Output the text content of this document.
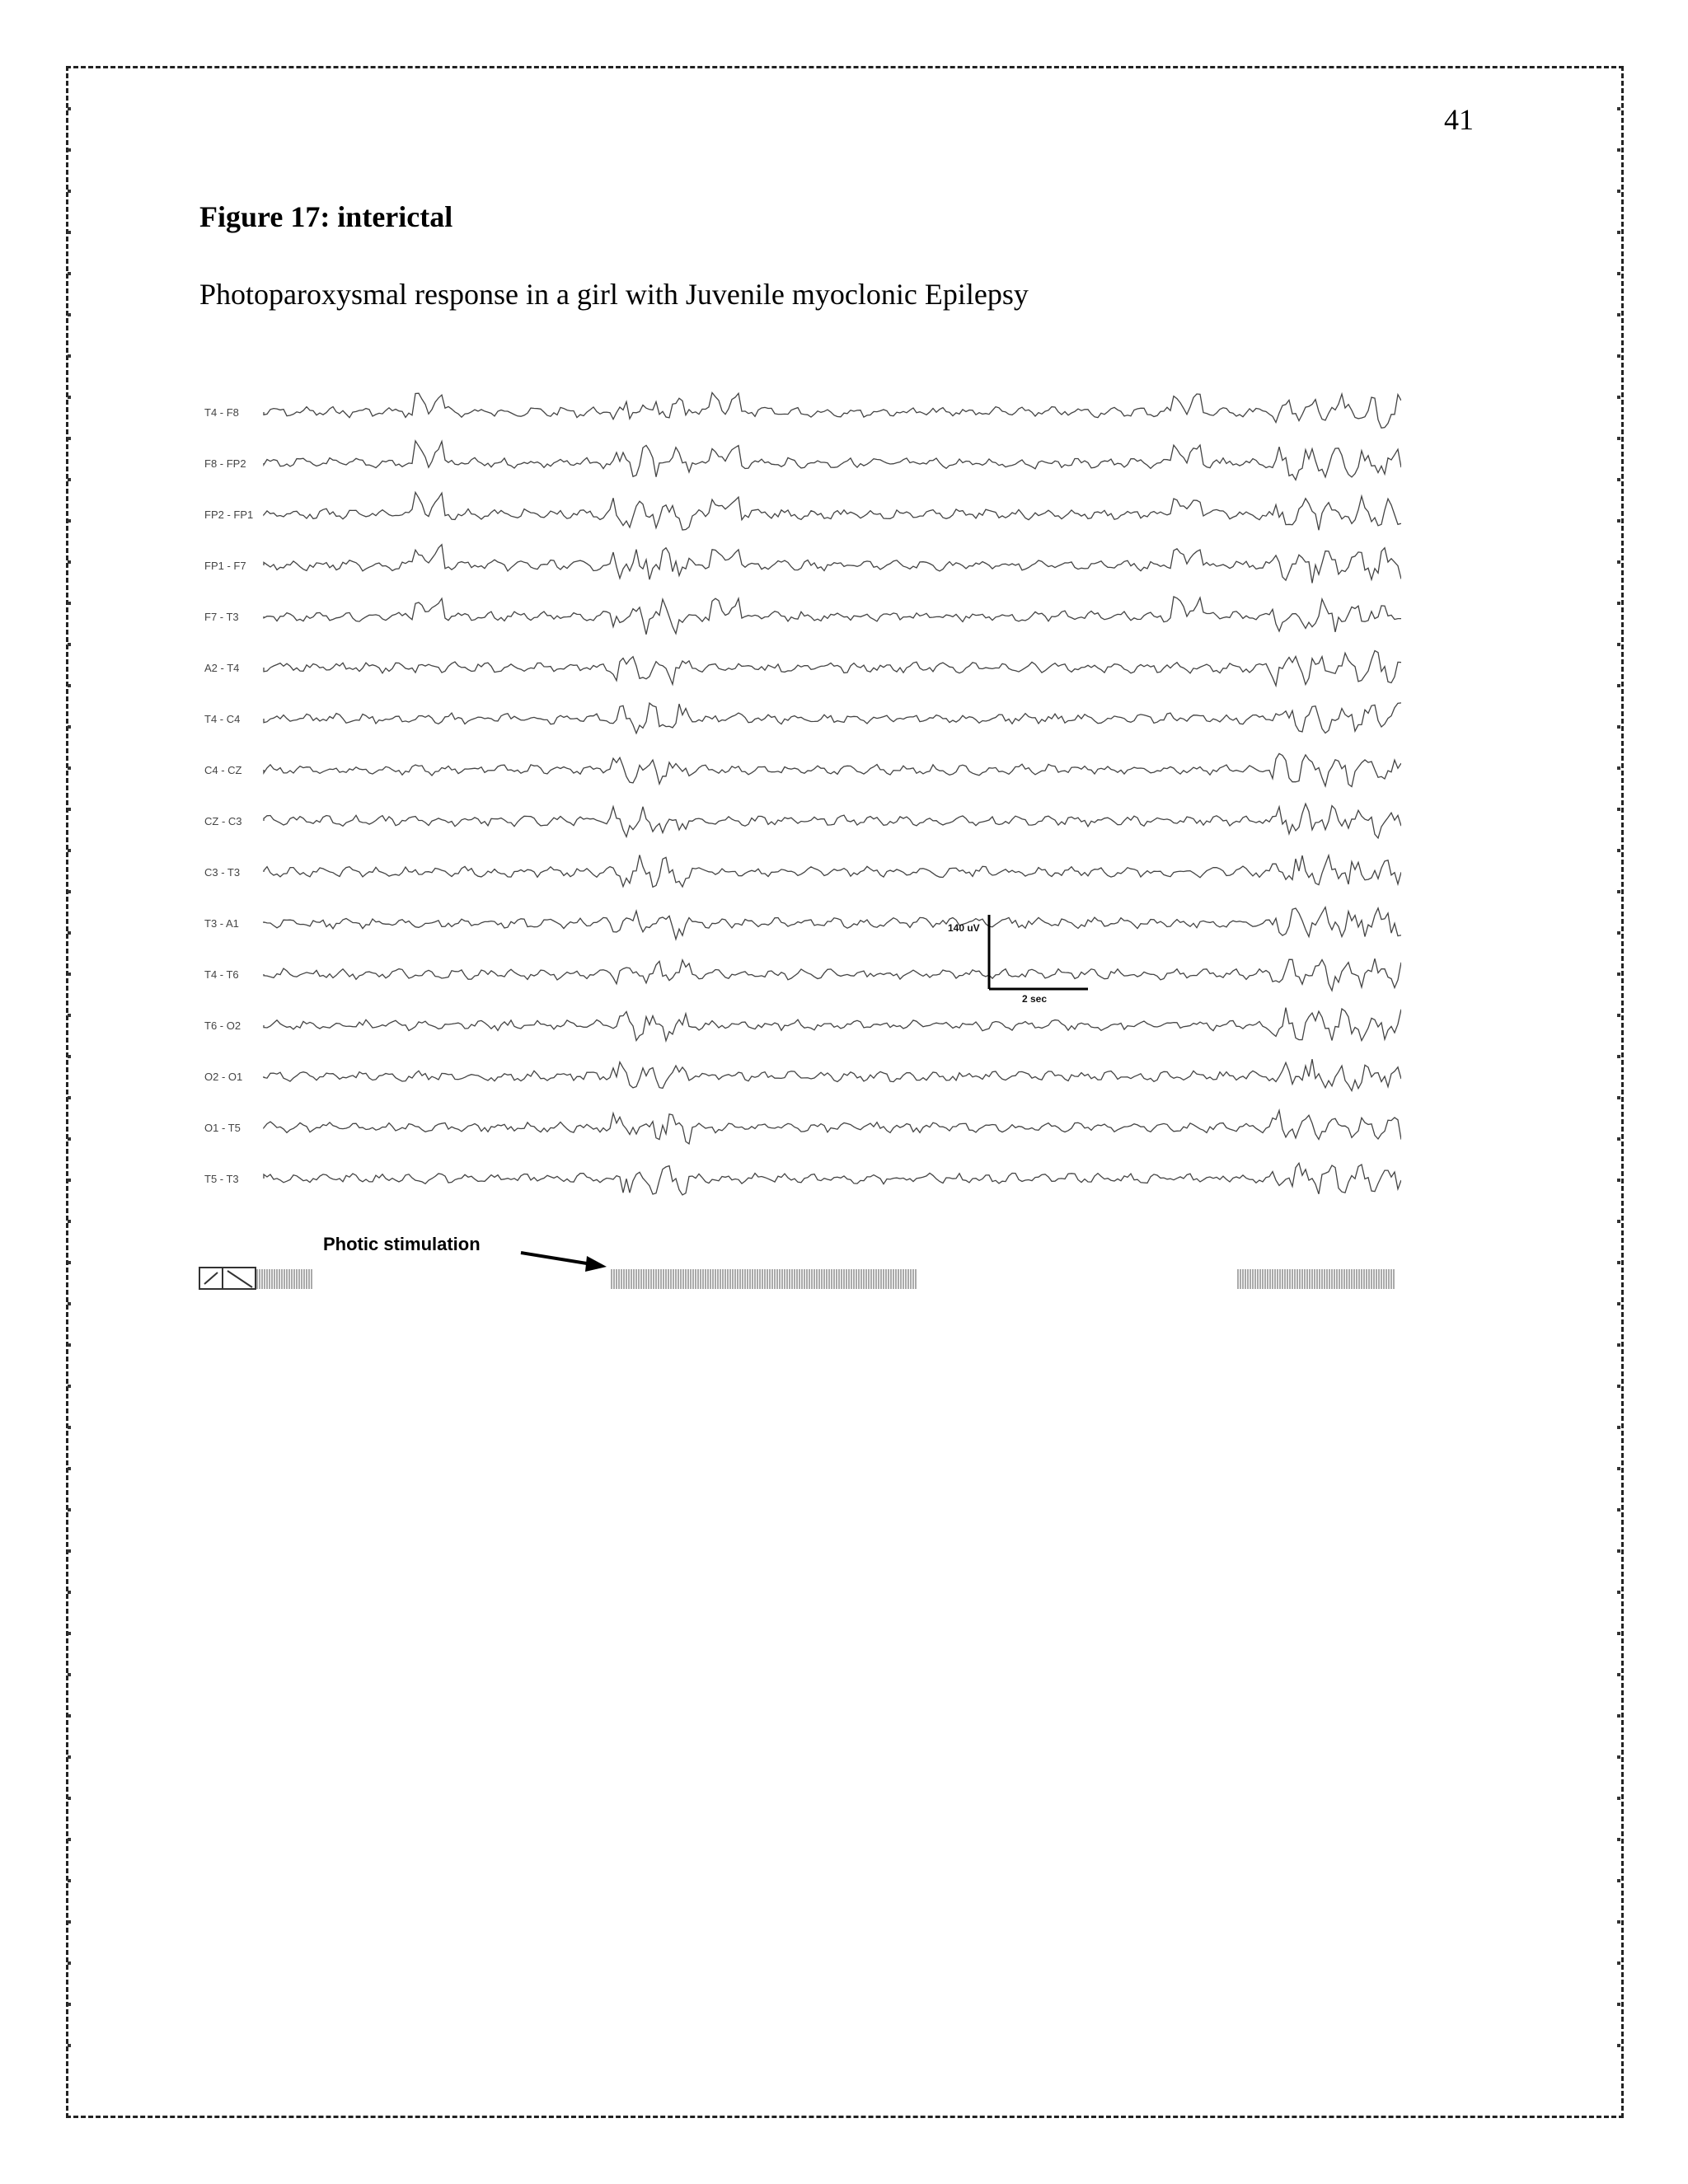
41
Figure 17: interictal
Photoparoxysmal response in a girl with Juvenile myoclonic Epilepsy
T4 - F8
F8 - FP2
FP2 - FP1
FP1 - F7
F7 - T3
A2 - T4
T4 - C4
C4 - CZ
CZ - C3
C3 - T3
T3 - A1
T4 - T6
T6 - O2
O2 - O1
O1 - T5
T5 - T3
140 uV
2 sec
Photic stimulation
